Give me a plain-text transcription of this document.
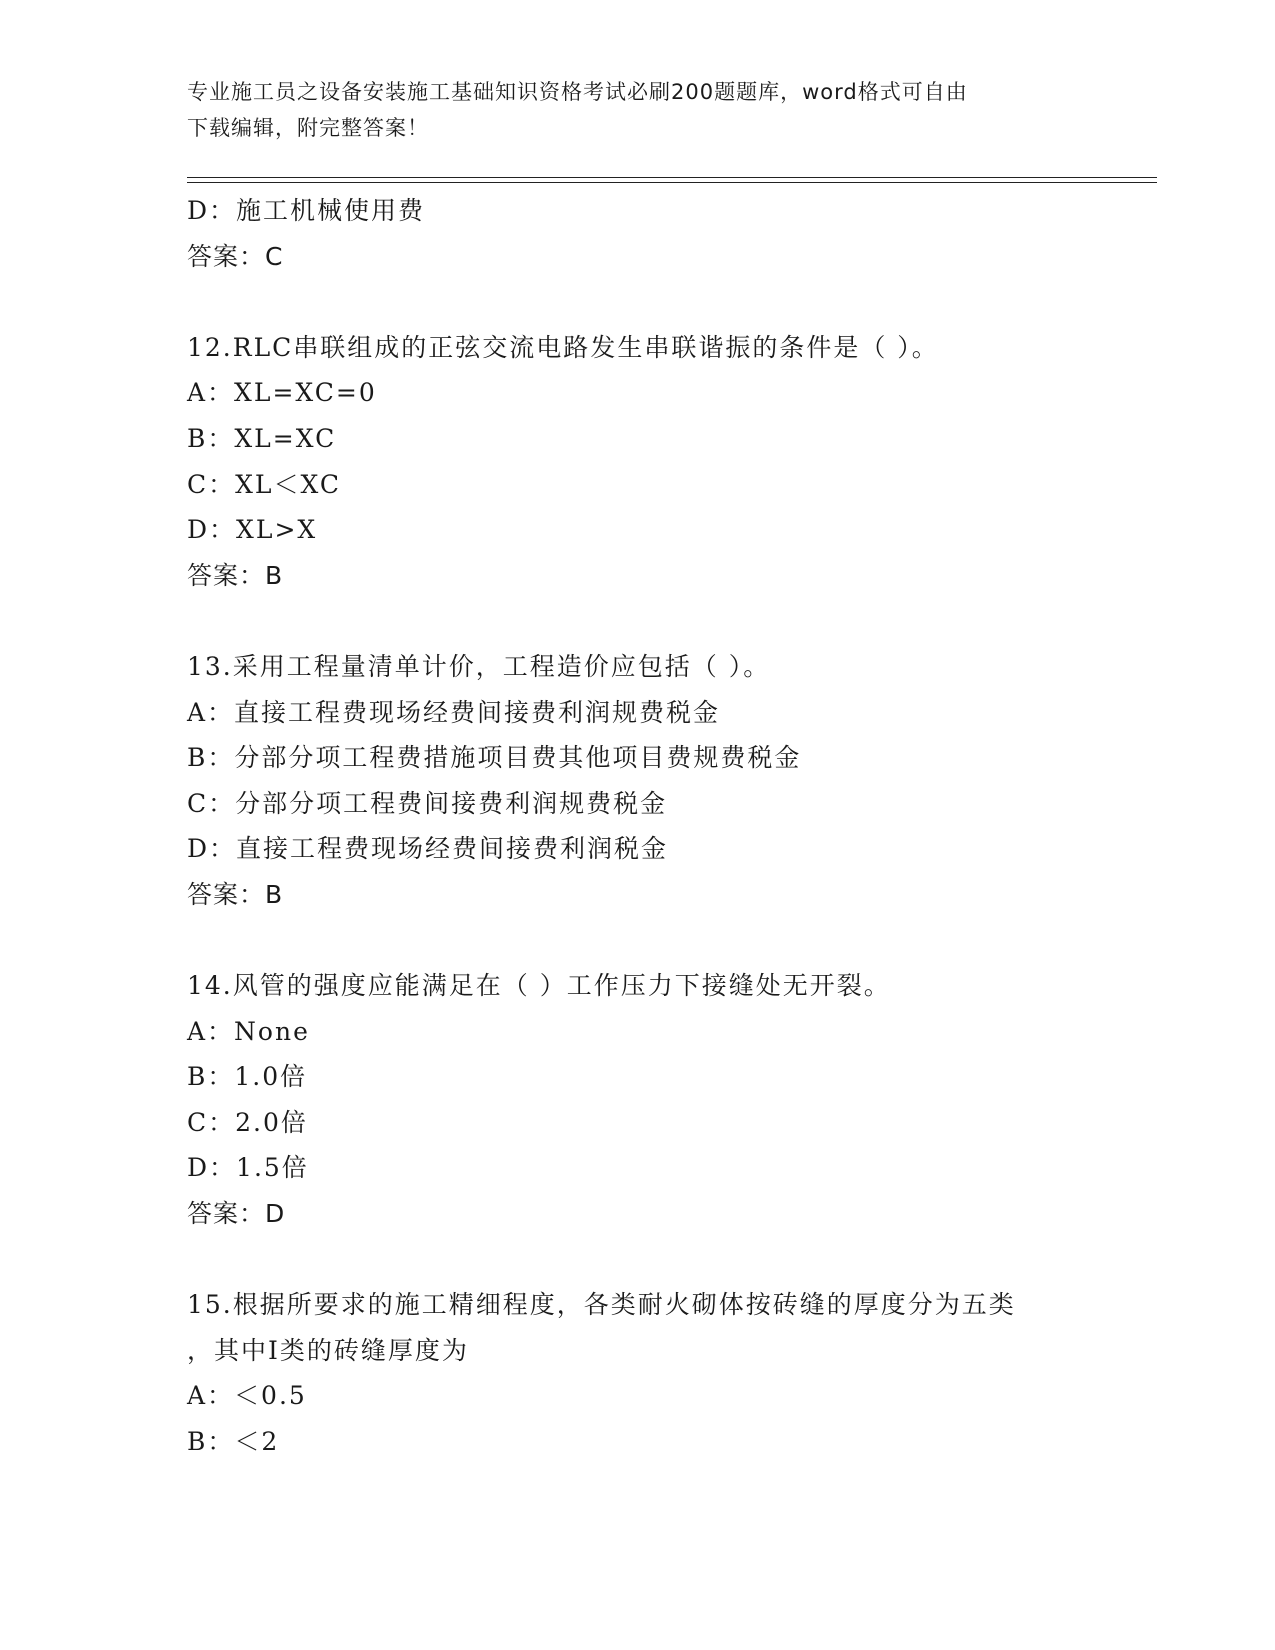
专业施工员之设备安装施工基础知识资格考试必刷200题题库，word格式可自由
下载编辑，附完整答案！
D：施工机械使用费
答案：C
12.RLC串联组成的正弦交流电路发生串联谐振的条件是（ ）。
A：XL=XC=0
B：XL=XC
C：XL＜XC
D：XL>X
答案：B
13.采用工程量清单计价，工程造价应包括（ ）。
A：直接工程费现场经费间接费利润规费税金
B：分部分项工程费措施项目费其他项目费规费税金
C：分部分项工程费间接费利润规费税金
D：直接工程费现场经费间接费利润税金
答案：B
14.风管的强度应能满足在（ ）工作压力下接缝处无开裂。
A：None
B：1.0倍
C：2.0倍
D：1.5倍
答案：D
15.根据所要求的施工精细程度，各类耐火砌体按砖缝的厚度分为五类
，其中I类的砖缝厚度为
A：＜0.5
B：＜2
